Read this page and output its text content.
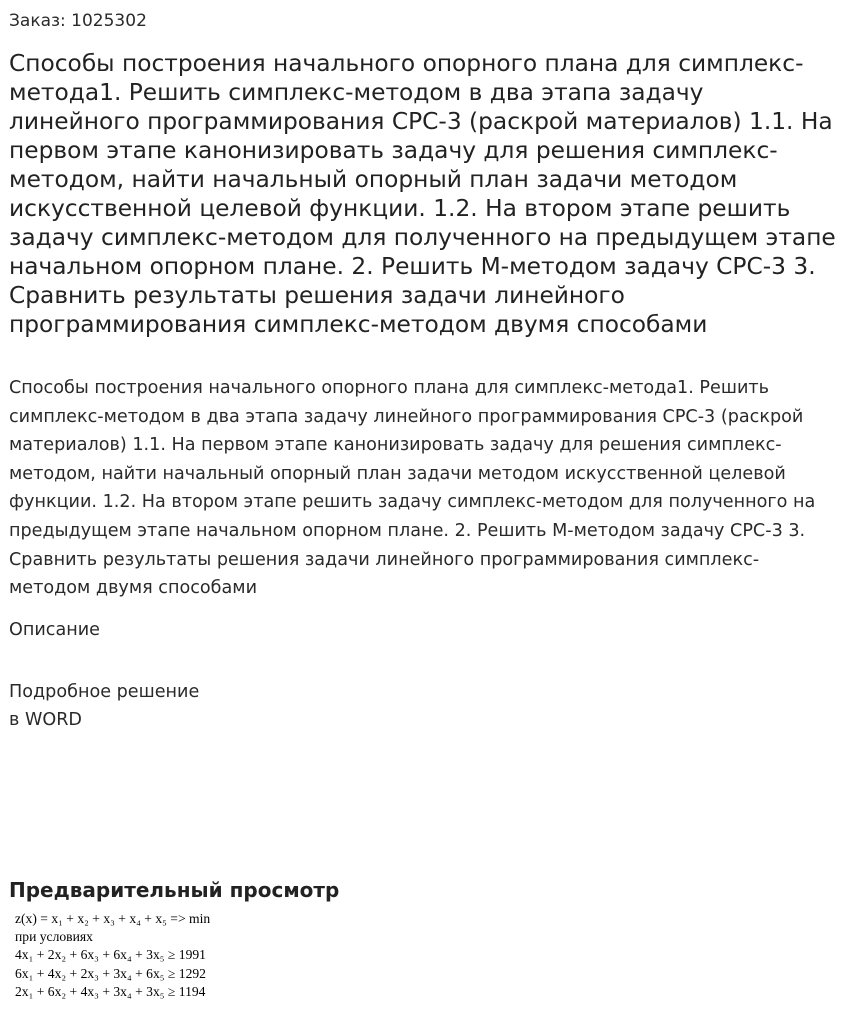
Заказ: 1025302
Способы построения начального опорного плана для симплекс-метода1. Решить симплекс-методом в два этапа задачу линейного программирования СРС-3 (раскрой материалов) 1.1. На первом этапе канонизировать задачу для решения симплекс-методом, найти начальный опорный план задачи методом искусственной целевой функции. 1.2. На втором этапе решить задачу симплекс-методом для полученного на предыдущем этапе начальном опорном плане. 2. Решить М-методом задачу СРС-3 3. Сравнить результаты решения задачи линейного программирования симплекс-методом двумя способами
Способы построения начального опорного плана для симплекс-метода1. Решить симплекс-методом в два этапа задачу линейного программирования СРС-3 (раскрой материалов) 1.1. На первом этапе канонизировать задачу для решения симплекс-методом, найти начальный опорный план задачи методом искусственной целевой функции. 1.2. На втором этапе решить задачу симплекс-методом для полученного на предыдущем этапе начальном опорном плане. 2. Решить М-методом задачу СРС-3 3. Сравнить результаты решения задачи линейного программирования симплекс-методом двумя способами
Описание
Подробное решение
в WORD
Предварительный просмотр
z(x) = x₁ + x₂ + x₃ + x₄ + x₅ => min
при условиях
4x₁ + 2x₂ + 6x₃ + 6x₄ + 3x₅ ≥ 1991
6x₁ + 4x₂ + 2x₃ + 3x₄ + 6x₅ ≥ 1292
2x₁ + 6x₂ + 4x₃ + 3x₄ + 3x₅ ≥ 1194
